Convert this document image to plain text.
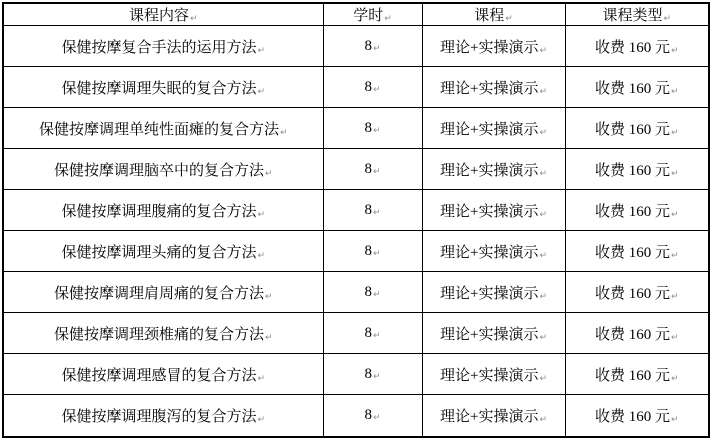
课程内容↵	学时↵	课程↵	课程类型↵
保健按摩复合手法的运用方法↵	8↵	理论+实操演示↵	收费 160 元↵
保健按摩调理失眠的复合方法↵	8↵	理论+实操演示↵	收费 160 元↵
保健按摩调理单纯性面瘫的复合方法↵	8↵	理论+实操演示↵	收费 160 元↵
保健按摩调理脑卒中的复合方法↵	8↵	理论+实操演示↵	收费 160 元↵
保健按摩调理腹痛的复合方法↵	8↵	理论+实操演示↵	收费 160 元↵
保健按摩调理头痛的复合方法↵	8↵	理论+实操演示↵	收费 160 元↵
保健按摩调理肩周痛的复合方法↵	8↵	理论+实操演示↵	收费 160 元↵
保健按摩调理颈椎痛的复合方法↵	8↵	理论+实操演示↵	收费 160 元↵
保健按摩调理感冒的复合方法↵	8↵	理论+实操演示↵	收费 160 元↵
保健按摩调理腹泻的复合方法↵	8↵	理论+实操演示↵	收费 160 元↵
